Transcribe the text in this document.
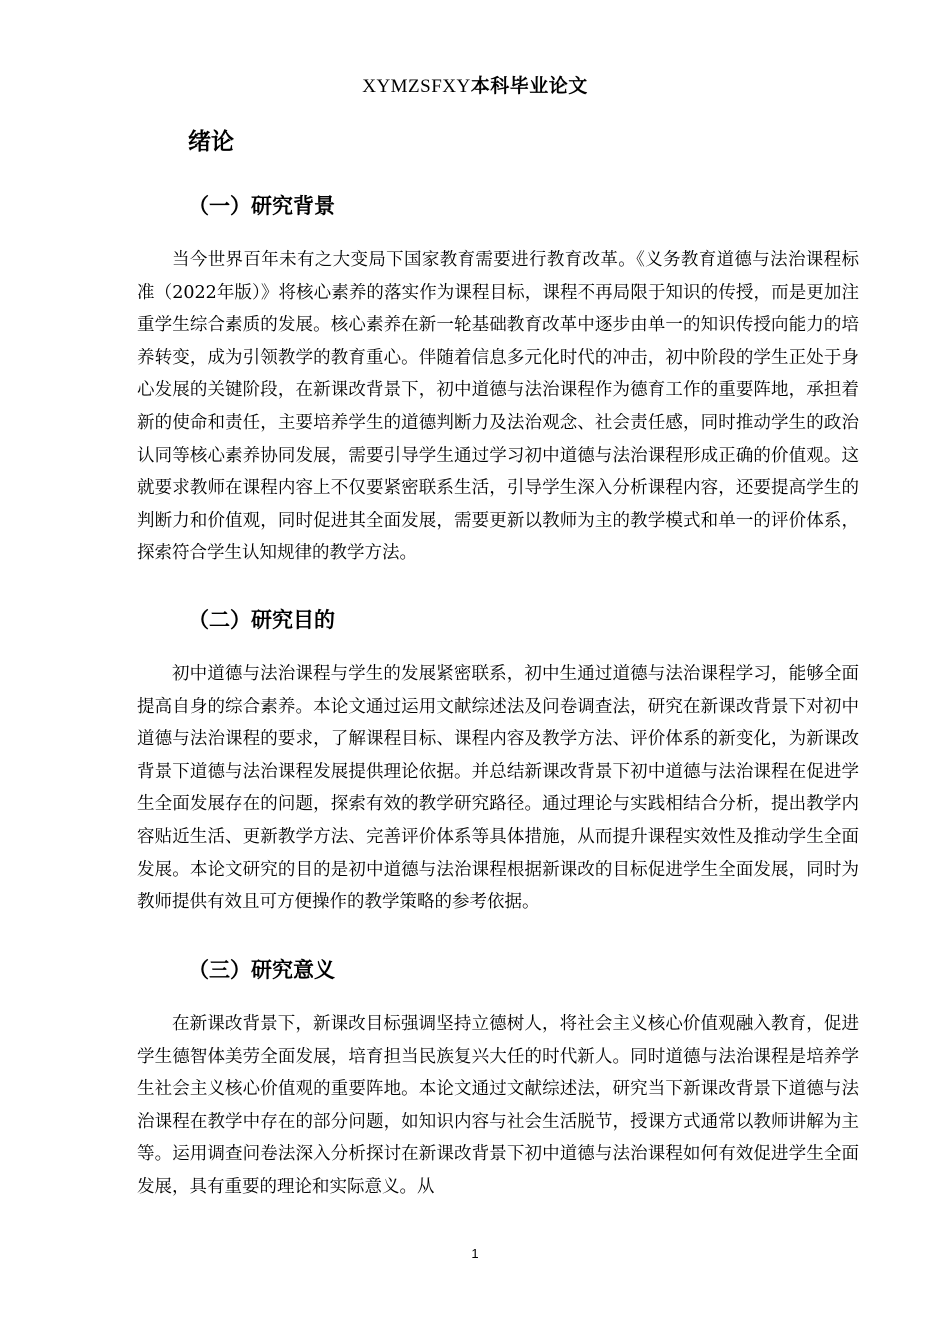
XYMZSFXY本科毕业论文
绪论
（一）研究背景

当今世界百年未有之大变局下国家教育需要进行教育改革。《义务教育道德与法治课程标准（2022年版）》将核心素养的落实作为课程目标，课程不再局限于知识的传授，而是更加注重学生综合素质的发展。核心素养在新一轮基础教育改革中逐步由单一的知识传授向能力的培养转变，成为引领教学的教育重心。伴随着信息多元化时代的冲击，初中阶段的学生正处于身心发展的关键阶段，在新课改背景下，初中道德与法治课程作为德育工作的重要阵地，承担着新的使命和责任，主要培养学生的道德判断力及法治观念、社会责任感，同时推动学生的政治认同等核心素养协同发展，需要引导学生通过学习初中道德与法治课程形成正确的价值观。这就要求教师在课程内容上不仅要紧密联系生活，引导学生深入分析课程内容，还要提高学生的判断力和价值观，同时促进其全面发展，需要更新以教师为主的教学模式和单一的评价体系，探索符合学生认知规律的教学方法。

（二）研究目的

初中道德与法治课程与学生的发展紧密联系，初中生通过道德与法治课程学习，能够全面提高自身的综合素养。本论文通过运用文献综述法及问卷调查法，研究在新课改背景下对初中道德与法治课程的要求，了解课程目标、课程内容及教学方法、评价体系的新变化，为新课改背景下道德与法治课程发展提供理论依据。并总结新课改背景下初中道德与法治课程在促进学生全面发展存在的问题，探索有效的教学研究路径。通过理论与实践相结合分析，提出教学内容贴近生活、更新教学方法、完善评价体系等具体措施，从而提升课程实效性及推动学生全面发展。本论文研究的目的是初中道德与法治课程根据新课改的目标促进学生全面发展，同时为教师提供有效且可方便操作的教学策略的参考依据。

（三）研究意义

在新课改背景下，新课改目标强调坚持立德树人，将社会主义核心价值观融入教育，促进学生德智体美劳全面发展，培育担当民族复兴大任的时代新人。同时道德与法治课程是培养学生社会主义核心价值观的重要阵地。本论文通过文献综述法，研究当下新课改背景下道德与法治课程在教学中存在的部分问题，如知识内容与社会生活脱节，授课方式通常以教师讲解为主等。运用调查问卷法深入分析探讨在新课改背景下初中道德与法治课程如何有效促进学生全面发展，具有重要的理论和实际意义。从

1
